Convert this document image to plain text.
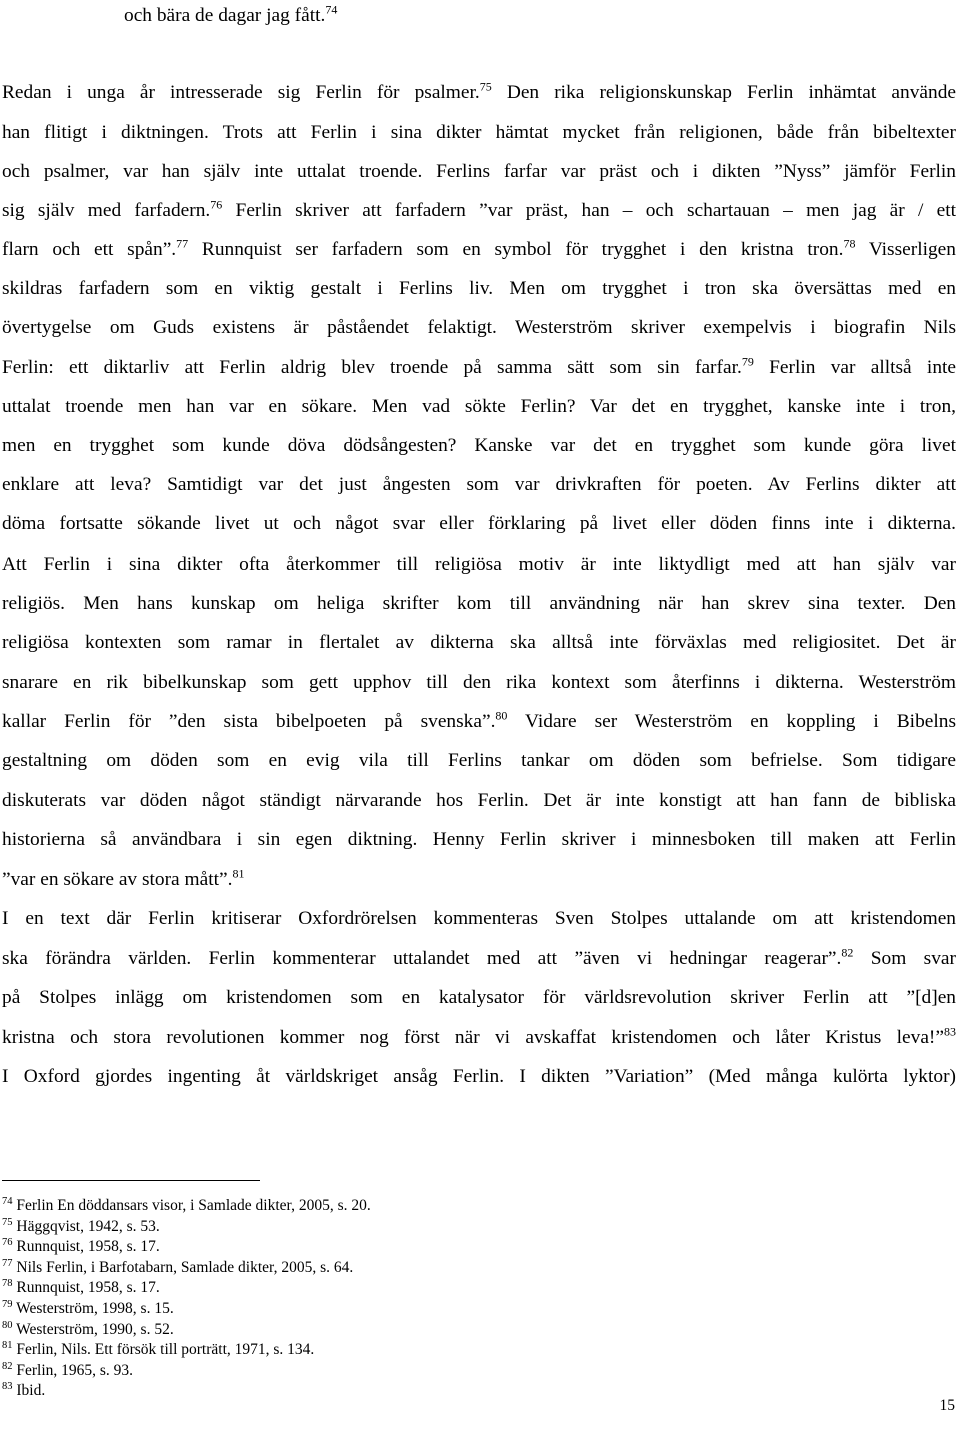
och bära de dagar jag fått.$^{74}$
Redan i unga år intresserade sig Ferlin för psalmer.$^{75}$ Den rika religionskunskap Ferlin inhämtat använde
han flitigt i diktningen. Trots att Ferlin i sina dikter hämtat mycket från religionen, både från bibeltexter
och psalmer, var han själv inte uttalat troende. Ferlins farfar var präst och i dikten ”Nyss” jämför Ferlin
sig själv med farfadern.$^{76}$ Ferlin skriver att farfadern ”var präst, han – och schartauan – men jag är / ett
flarn och ett spån”.$^{77}$ Runnquist ser farfadern som en symbol för trygghet i den kristna tron.$^{78}$ Visserligen
skildras farfadern som en viktig gestalt i Ferlins liv. Men om trygghet i tron ska översättas med en
övertygelse om Guds existens är påståendet felaktigt. Westerström skriver exempelvis i biografin Nils
Ferlin: ett diktarliv att Ferlin aldrig blev troende på samma sätt som sin farfar.$^{79}$ Ferlin var alltså inte
uttalat troende men han var en sökare. Men vad sökte Ferlin? Var det en trygghet, kanske inte i tron,
men en trygghet som kunde döva dödsångesten? Kanske var det en trygghet som kunde göra livet
enklare att leva? Samtidigt var det just ångesten som var drivkraften för poeten. Av Ferlins dikter att
döma fortsatte sökande livet ut och något svar eller förklaring på livet eller döden finns inte i dikterna.
Att Ferlin i sina dikter ofta återkommer till religiösa motiv är inte liktydligt med att han själv var
religiös. Men hans kunskap om heliga skrifter kom till användning när han skrev sina texter. Den
religiösa kontexten som ramar in flertalet av dikterna ska alltså inte förväxlas med religiositet. Det är
snarare en rik bibelkunskap som gett upphov till den rika kontext som återfinns i dikterna. Westerström
kallar Ferlin för ”den sista bibelpoeten på svenska”.$^{80}$ Vidare ser Westerström en koppling i Bibelns
gestaltning om döden som en evig vila till Ferlins tankar om döden som befrielse. Som tidigare
diskuterats var döden något ständigt närvarande hos Ferlin. Det är inte konstigt att han fann de bibliska
historierna så användbara i sin egen diktning. Henny Ferlin skriver i minnesboken till maken att Ferlin
”var en sökare av stora mått”.$^{81}$
I en text där Ferlin kritiserar Oxfordrörelsen kommenteras Sven Stolpes uttalande om att kristendomen
ska förändra världen. Ferlin kommenterar uttalandet med att ”även vi hedningar reagerar”.$^{82}$ Som svar
på Stolpes inlägg om kristendomen som en katalysator för världsrevolution skriver Ferlin att ”[d]en
kristna och stora revolutionen kommer nog först när vi avskaffat kristendomen och låter Kristus leva!”$^{83}$
I Oxford gjordes ingenting åt världskriget ansåg Ferlin. I dikten ”Variation” (Med många kulörta lyktor)
$^{74}$ Ferlin En döddansars visor, i Samlade dikter, 2005, s. 20.
$^{75}$ Häggqvist, 1942, s. 53.
$^{76}$ Runnquist, 1958, s. 17.
$^{77}$ Nils Ferlin, i Barfotabarn, Samlade dikter, 2005, s. 64.
$^{78}$ Runnquist, 1958, s. 17.
$^{79}$ Westerström, 1998, s. 15.
$^{80}$ Westerström, 1990, s. 52.
$^{81}$ Ferlin, Nils. Ett försök till porträtt, 1971, s. 134.
$^{82}$ Ferlin, 1965, s. 93.
$^{83}$ Ibid.
15
